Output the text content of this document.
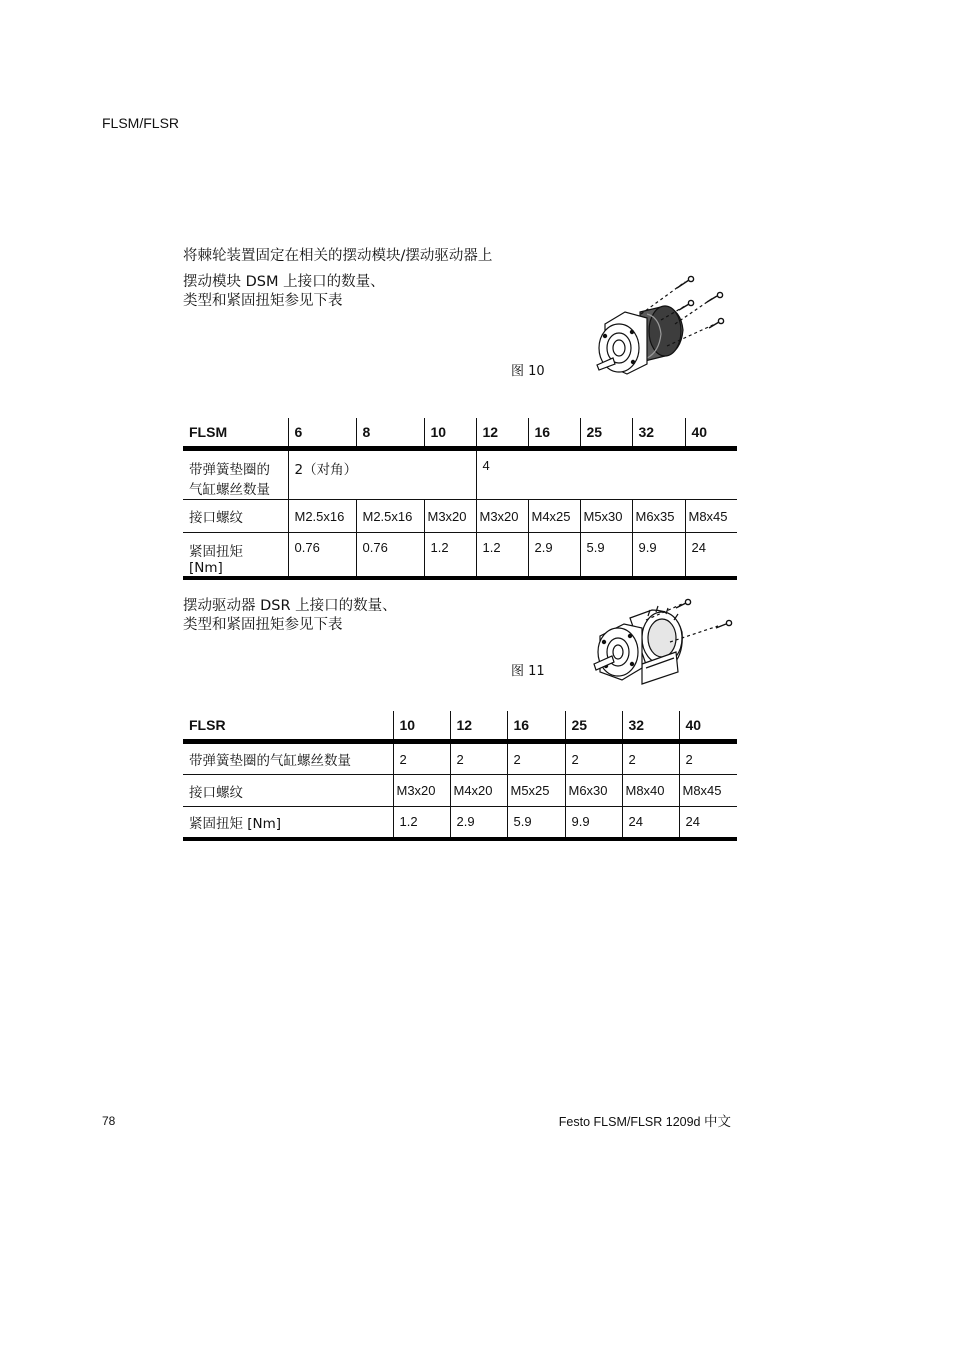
FLSM/FLSR
将棘轮装置固定在相关的摆动模块/摆动驱动器上
摆动模块 DSM 上接口的数量、
类型和紧固扭矩参见下表
图 10
FLSM	6	8	10	12	16	25	32	40

带弹簧垫圈的
气缸螺丝数量	2（对角）			4				
接口螺纹	M2.5x16	M2.5x16	M3x20	M3x20	M4x25	M5x30	M6x35	M8x45

紧固扭矩
[Nm]	0.76	0.76	1.2	1.2	2.9	5.9	9.9	24
摆动驱动器 DSR 上接口的数量、
类型和紧固扭矩参见下表
图 11
FLSR	10	12	16	25	32	40
带弹簧垫圈的气缸螺丝数量	2	2	2	2	2	2
接口螺纹	M3x20	M4x20	M5x25	M6x30	M8x40	M8x45
紧固扭矩 [Nm]	1.2	2.9	5.9	9.9	24	24
78	Festo FLSM/FLSR 1209d 中文
